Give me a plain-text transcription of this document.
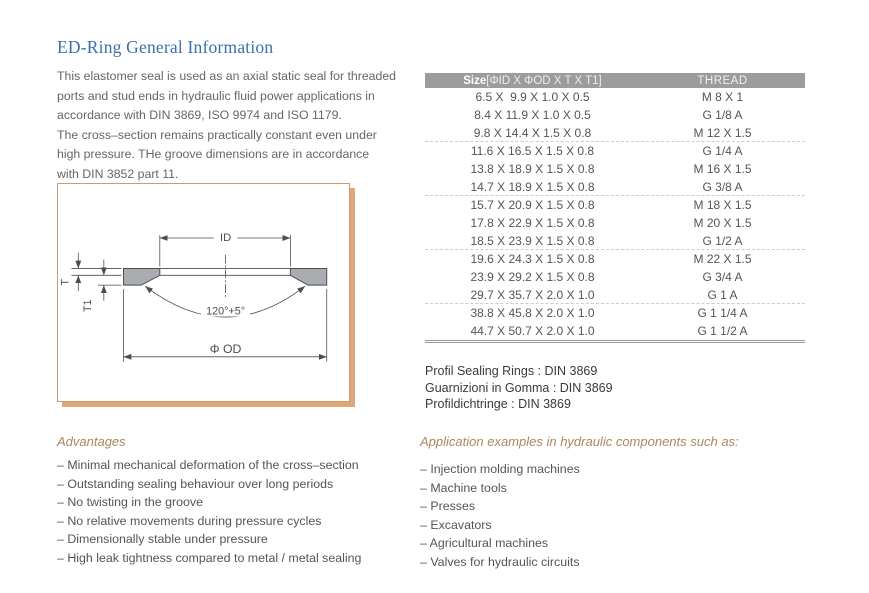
ED-Ring General Information
This elastomer seal is used as an axial static seal for threaded
ports and stud ends in hydraulic fluid power applications in
accordance with DIN 3869, ISO 9974 and ISO 1179.
The cross–section remains practically constant even under
high pressure. THe groove dimensions are in accordance
with DIN 3852 part 11.
ID
T
T1	120°+5°
Φ OD
Size[ΦID X ΦOD X T X T1]	THREAD
6.5 X  9.9 X 1.0 X 0.5	M 8 X 1
8.4 X 11.9 X 1.0 X 0.5	G 1/8 A
9.8 X 14.4 X 1.5 X 0.8	M 12 X 1.5
11.6 X 16.5 X 1.5 X 0.8	G 1/4 A
13.8 X 18.9 X 1.5 X 0.8	M 16 X 1.5
14.7 X 18.9 X 1.5 X 0.8	G 3/8 A
15.7 X 20.9 X 1.5 X 0.8	M 18 X 1.5
17.8 X 22.9 X 1.5 X 0.8	M 20 X 1.5
18.5 X 23.9 X 1.5 X 0.8	G 1/2 A
19.6 X 24.3 X 1.5 X 0.8	M 22 X 1.5
23.9 X 29.2 X 1.5 X 0.8	G 3/4 A
29.7 X 35.7 X 2.0 X 1.0	G 1 A
38.8 X 45.8 X 2.0 X 1.0	G 1 1/4 A
44.7 X 50.7 X 2.0 X 1.0	G 1 1/2 A
Profil Sealing Rings : DIN 3869
Guarnizioni in Gomma : DIN 3869
Profildichtringe : DIN 3869
Advantages
– Minimal mechanical deformation of the cross–section
– Outstanding sealing behaviour over long periods
– No twisting in the groove
– No relative movements during pressure cycles
– Dimensionally stable under pressure
– High leak tightness compared to metal / metal sealing
Application examples in hydraulic components such as:
– Injection molding machines
– Machine tools
– Presses
– Excavators
– Agricultural machines
– Valves for hydraulic circuits
